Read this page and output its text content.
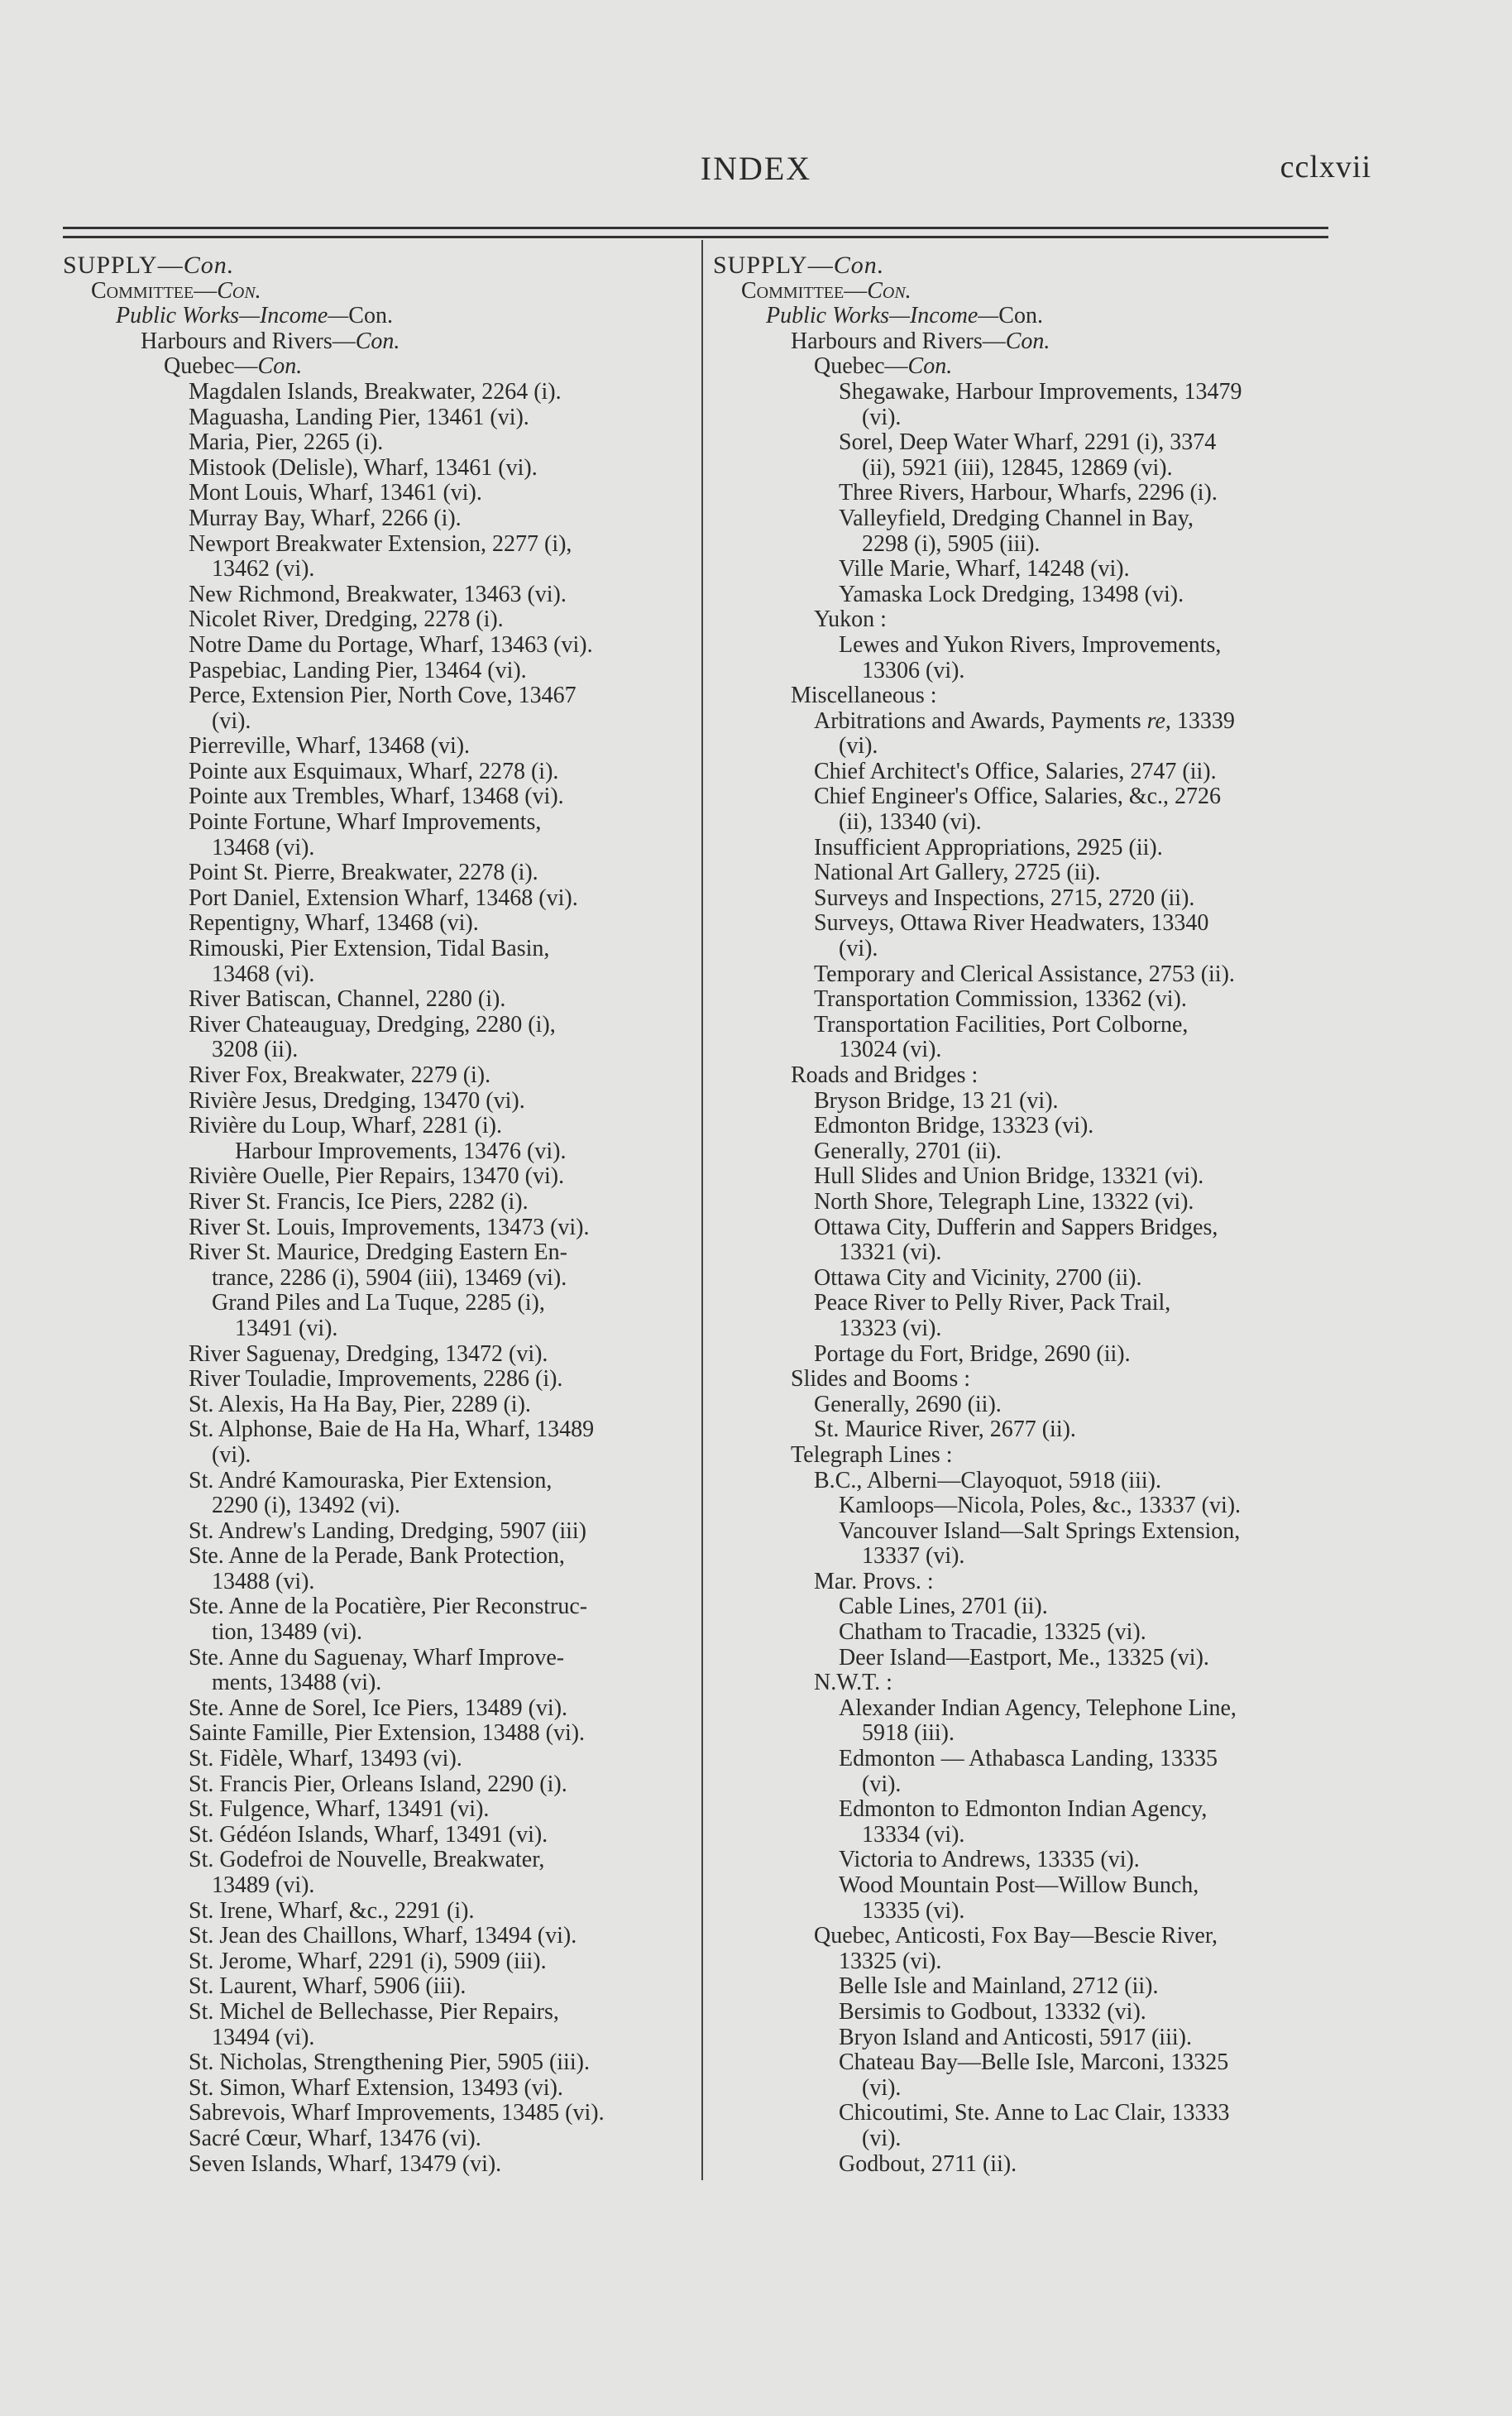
INDEX	cclxvii
SUPPLY—Con.
Committee—Con.
Public Works—Income—Con.
Harbours and Rivers—Con.
Quebec—Con.
Magdalen Islands, Breakwater, 2264 (i).
Maguasha, Landing Pier, 13461 (vi).
Maria, Pier, 2265 (i).
Mistook (Delisle), Wharf, 13461 (vi).
Mont Louis, Wharf, 13461 (vi).
Murray Bay, Wharf, 2266 (i).
Newport Breakwater Extension, 2277 (i),
13462 (vi).
New Richmond, Breakwater, 13463 (vi).
Nicolet River, Dredging, 2278 (i).
Notre Dame du Portage, Wharf, 13463 (vi).
Paspebiac, Landing Pier, 13464 (vi).
Perce, Extension Pier, North Cove, 13467
(vi).
Pierreville, Wharf, 13468 (vi).
Pointe aux Esquimaux, Wharf, 2278 (i).
Pointe aux Trembles, Wharf, 13468 (vi).
Pointe Fortune, Wharf Improvements,
13468 (vi).
Point St. Pierre, Breakwater, 2278 (i).
Port Daniel, Extension Wharf, 13468 (vi).
Repentigny, Wharf, 13468 (vi).
Rimouski, Pier Extension, Tidal Basin,
13468 (vi).
River Batiscan, Channel, 2280 (i).
River Chateauguay, Dredging, 2280 (i),
3208 (ii).
River Fox, Breakwater, 2279 (i).
Rivière Jesus, Dredging, 13470 (vi).
Rivière du Loup, Wharf, 2281 (i).
Harbour Improvements, 13476 (vi).
Rivière Ouelle, Pier Repairs, 13470 (vi).
River St. Francis, Ice Piers, 2282 (i).
River St. Louis, Improvements, 13473 (vi).
River St. Maurice, Dredging Eastern En-
trance, 2286 (i), 5904 (iii), 13469 (vi).
Grand Piles and La Tuque, 2285 (i),
13491 (vi).
River Saguenay, Dredging, 13472 (vi).
River Touladie, Improvements, 2286 (i).
St. Alexis, Ha Ha Bay, Pier, 2289 (i).
St. Alphonse, Baie de Ha Ha, Wharf, 13489
(vi).
St. André Kamouraska, Pier Extension,
2290 (i), 13492 (vi).
St. Andrew's Landing, Dredging, 5907 (iii)
Ste. Anne de la Perade, Bank Protection,
13488 (vi).
Ste. Anne de la Pocatière, Pier Reconstruc-
tion, 13489 (vi).
Ste. Anne du Saguenay, Wharf Improve-
ments, 13488 (vi).
Ste. Anne de Sorel, Ice Piers, 13489 (vi).
Sainte Famille, Pier Extension, 13488 (vi).
St. Fidèle, Wharf, 13493 (vi).
St. Francis Pier, Orleans Island, 2290 (i).
St. Fulgence, Wharf, 13491 (vi).
St. Gédéon Islands, Wharf, 13491 (vi).
St. Godefroi de Nouvelle, Breakwater,
13489 (vi).
St. Irene, Wharf, &c., 2291 (i).
St. Jean des Chaillons, Wharf, 13494 (vi).
St. Jerome, Wharf, 2291 (i), 5909 (iii).
St. Laurent, Wharf, 5906 (iii).
St. Michel de Bellechasse, Pier Repairs,
13494 (vi).
St. Nicholas, Strengthening Pier, 5905 (iii).
St. Simon, Wharf Extension, 13493 (vi).
Sabrevois, Wharf Improvements, 13485 (vi).
Sacré Cœur, Wharf, 13476 (vi).
Seven Islands, Wharf, 13479 (vi).
SUPPLY—Con.
Committee—Con.
Public Works—Income—Con.
Harbours and Rivers—Con.
Quebec—Con.
Shegawake, Harbour Improvements, 13479
(vi).
Sorel, Deep Water Wharf, 2291 (i), 3374
(ii), 5921 (iii), 12845, 12869 (vi).
Three Rivers, Harbour, Wharfs, 2296 (i).
Valleyfield, Dredging Channel in Bay,
2298 (i), 5905 (iii).
Ville Marie, Wharf, 14248 (vi).
Yamaska Lock Dredging, 13498 (vi).
Yukon :
Lewes and Yukon Rivers, Improvements,
13306 (vi).
Miscellaneous :
Arbitrations and Awards, Payments re, 13339
(vi).
Chief Architect's Office, Salaries, 2747 (ii).
Chief Engineer's Office, Salaries, &c., 2726
(ii), 13340 (vi).
Insufficient Appropriations, 2925 (ii).
National Art Gallery, 2725 (ii).
Surveys and Inspections, 2715, 2720 (ii).
Surveys, Ottawa River Headwaters, 13340
(vi).
Temporary and Clerical Assistance, 2753 (ii).
Transportation Commission, 13362 (vi).
Transportation Facilities, Port Colborne,
13024 (vi).
Roads and Bridges :
Bryson Bridge, 13 21 (vi).
Edmonton Bridge, 13323 (vi).
Generally, 2701 (ii).
Hull Slides and Union Bridge, 13321 (vi).
North Shore, Telegraph Line, 13322 (vi).
Ottawa City, Dufferin and Sappers Bridges,
13321 (vi).
Ottawa City and Vicinity, 2700 (ii).
Peace River to Pelly River, Pack Trail,
13323 (vi).
Portage du Fort, Bridge, 2690 (ii).
Slides and Booms :
Generally, 2690 (ii).
St. Maurice River, 2677 (ii).
Telegraph Lines :
B.C., Alberni—Clayoquot, 5918 (iii).
Kamloops—Nicola, Poles, &c., 13337 (vi).
Vancouver Island—Salt Springs Extension,
13337 (vi).
Mar. Provs. :
Cable Lines, 2701 (ii).
Chatham to Tracadie, 13325 (vi).
Deer Island—Eastport, Me., 13325 (vi).
N.W.T. :
Alexander Indian Agency, Telephone Line,
5918 (iii).
Edmonton — Athabasca Landing, 13335
(vi).
Edmonton to Edmonton Indian Agency,
13334 (vi).
Victoria to Andrews, 13335 (vi).
Wood Mountain Post—Willow Bunch,
13335 (vi).
Quebec, Anticosti, Fox Bay—Bescie River,
13325 (vi).
Belle Isle and Mainland, 2712 (ii).
Bersimis to Godbout, 13332 (vi).
Bryon Island and Anticosti, 5917 (iii).
Chateau Bay—Belle Isle, Marconi, 13325
(vi).
Chicoutimi, Ste. Anne to Lac Clair, 13333
(vi).
Godbout, 2711 (ii).
